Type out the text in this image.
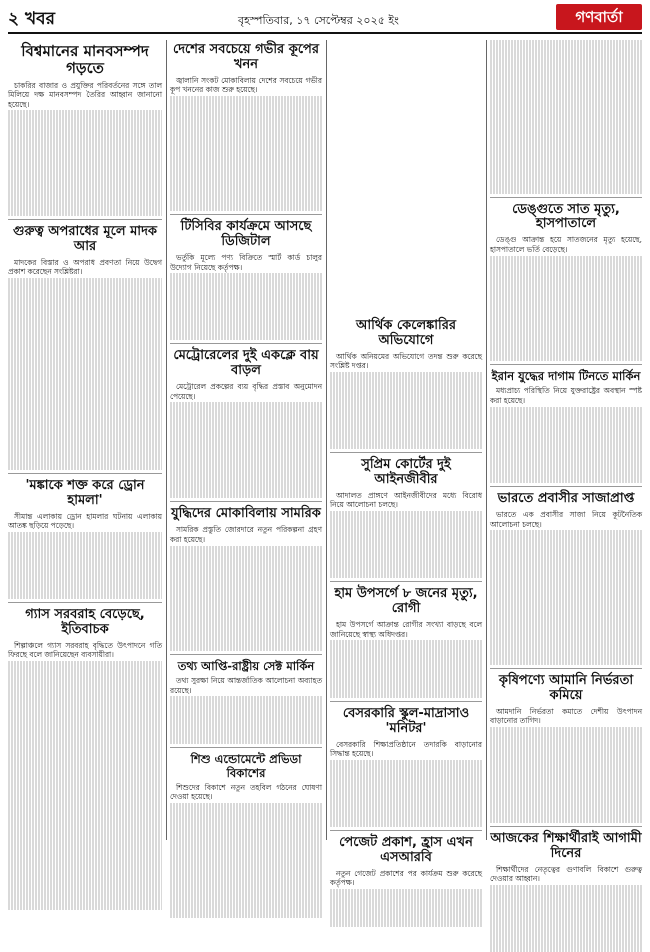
২ খবর	বৃহস্পতিবার, ১৭ সেপ্টেম্বর ২০২৫ ইং	গণবার্তা
বিশ্বমানের মানবসম্পদ গড়তে

চাকরির বাজার ও প্রযুক্তির পরিবর্তনের সঙ্গে তাল মিলিয়ে দক্ষ মানবসম্পদ তৈরির আহ্বান জানানো হয়েছে।

গুরুত্ব অপরাধের মূলে মাদক আর

মাদকের বিস্তার ও অপরাধ প্রবণতা নিয়ে উদ্বেগ প্রকাশ করেছেন সংশ্লিষ্টরা।

'মঙ্কাকে শক্ত করে ড্রোন হামলা'

সীমান্ত এলাকায় ড্রোন হামলার ঘটনায় এলাকায় আতঙ্ক ছড়িয়ে পড়েছে।

গ্যাস সরবরাহ বেড়েছে, ইতিবাচক

শিল্পাঞ্চলে গ্যাস সরবরাহ বৃদ্ধিতে উৎপাদনে গতি ফিরছে বলে জানিয়েছেন ব্যবসায়ীরা।

দেশের সবচেয়ে গভীর কূপের খনন

জ্বালানি সংকট মোকাবিলায় দেশের সবচেয়ে গভীর কূপ খননের কাজ শুরু হয়েছে।

টিসিবির কার্যক্রমে আসছে ডিজিটাল

ভর্তুকি মূল্যে পণ্য বিক্রিতে স্মার্ট কার্ড চালুর উদ্যোগ নিয়েছে কর্তৃপক্ষ।

মেট্রোরেলের দুই একক্লে বায় বাড়ল

মেট্রোরেল প্রকল্পের ব্যয় বৃদ্ধির প্রস্তাব অনুমোদন পেয়েছে।

যুদ্ধিদের মোকাবিলায় সামরিক

সামরিক প্রস্তুতি জোরদারে নতুন পরিকল্পনা গ্রহণ করা হয়েছে।

তথ্য আপ্তি-রাষ্ট্রীয় সেক্ট মার্কিন

তথ্য সুরক্ষা নিয়ে আন্তর্জাতিক আলোচনা অব্যাহত রয়েছে।

শিশু এন্ডোমেন্টে প্রভিডা বিকাশের

শিশুদের বিকাশে নতুন তহবিল গঠনের ঘোষণা দেওয়া হয়েছে।

আর্থিক কেলেঙ্কারির অভিযোগে

আর্থিক অনিয়মের অভিযোগে তদন্ত শুরু করেছে সংশ্লিষ্ট দপ্তর।

সুপ্রিম কোর্টের দুই আইনজীবীর

আদালত প্রাঙ্গণে আইনজীবীদের মধ্যে বিরোধ নিয়ে আলোচনা চলছে।

হাম উপসর্গে ৮ জনের মৃত্যু, রোগী

হাম উপসর্গে আক্রান্ত রোগীর সংখ্যা বাড়ছে বলে জানিয়েছে স্বাস্থ্য অধিদপ্তর।

বেসরকারি স্কুল-মাদ্রাসাও 'মনিটর'

বেসরকারি শিক্ষাপ্রতিষ্ঠানে তদারকি বাড়ানোর সিদ্ধান্ত হয়েছে।

পেজেট প্রকাশ, হ্রাস এখন এসআরবি

নতুন গেজেট প্রকাশের পর কার্যক্রম শুরু করেছে কর্তৃপক্ষ।

ডেঙ্গুতে সাত মৃত্যু, হাসপাতালে

ডেঙ্গু আক্রান্ত হয়ে সাতজনের মৃত্যু হয়েছে, হাসপাতালে ভর্তি বেড়েছে।

ইরান যুদ্ধের দাগাম টিনতে মার্কিন

মধ্যপ্রাচ্য পরিস্থিতি নিয়ে যুক্তরাষ্ট্রের অবস্থান স্পষ্ট করা হয়েছে।

ভারতে প্রবাসীর সাজাপ্রাপ্ত

ভারতে এক প্রবাসীর সাজা নিয়ে কূটনৈতিক আলোচনা চলছে।

কৃষিপণ্যে আমানি নির্ভরতা কমিয়ে

আমদানি নির্ভরতা কমাতে দেশীয় উৎপাদন বাড়ানোর তাগিদ।

আজকের শিক্ষার্থীরাই আগামী দিনের

শিক্ষার্থীদের নেতৃত্বের গুণাবলি বিকাশে গুরুত্ব দেওয়ার আহ্বান।
